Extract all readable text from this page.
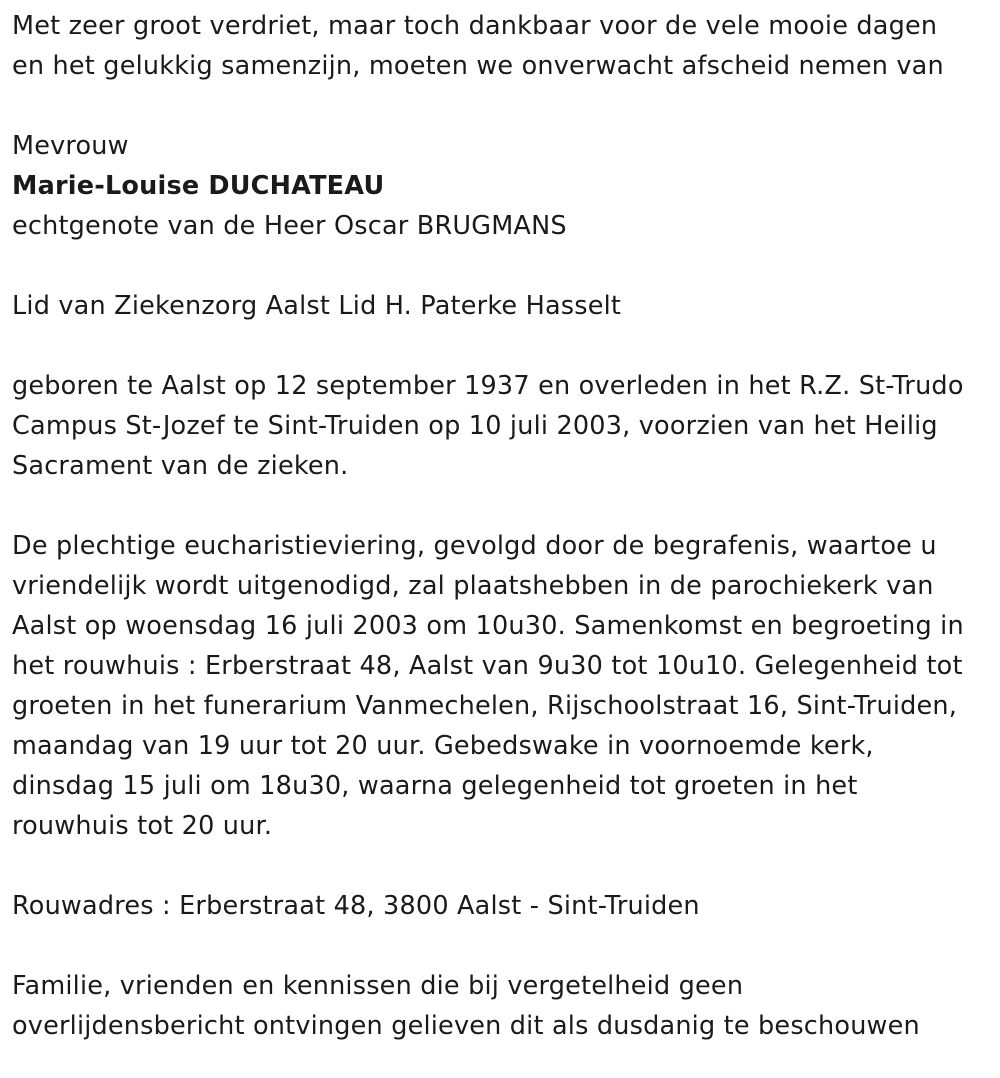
Met zeer groot verdriet, maar toch dankbaar voor de vele mooie dagen
en het gelukkig samenzijn, moeten we onverwacht afscheid nemen van

Mevrouw

Marie-Louise DUCHATEAU

echtgenote van de Heer Oscar BRUGMANS

Lid van Ziekenzorg Aalst Lid H. Paterke Hasselt

geboren te Aalst op 12 september 1937 en overleden in het R.Z. St-Trudo
Campus St-Jozef te Sint-Truiden op 10 juli 2003, voorzien van het Heilig
Sacrament van de zieken.

De plechtige eucharistieviering, gevolgd door de begrafenis, waartoe u
vriendelijk wordt uitgenodigd, zal plaatshebben in de parochiekerk van
Aalst op woensdag 16 juli 2003 om 10u30. Samenkomst en begroeting in
het rouwhuis : Erberstraat 48, Aalst van 9u30 tot 10u10. Gelegenheid tot
groeten in het funerarium Vanmechelen, Rijschoolstraat 16, Sint-Truiden,
maandag van 19 uur tot 20 uur. Gebedswake in voornoemde kerk,
dinsdag 15 juli om 18u30, waarna gelegenheid tot groeten in het
rouwhuis tot 20 uur.

Rouwadres : Erberstraat 48, 3800 Aalst - Sint-Truiden

Familie, vrienden en kennissen die bij vergetelheid geen
overlijdensbericht ontvingen gelieven dit als dusdanig te beschouwen
